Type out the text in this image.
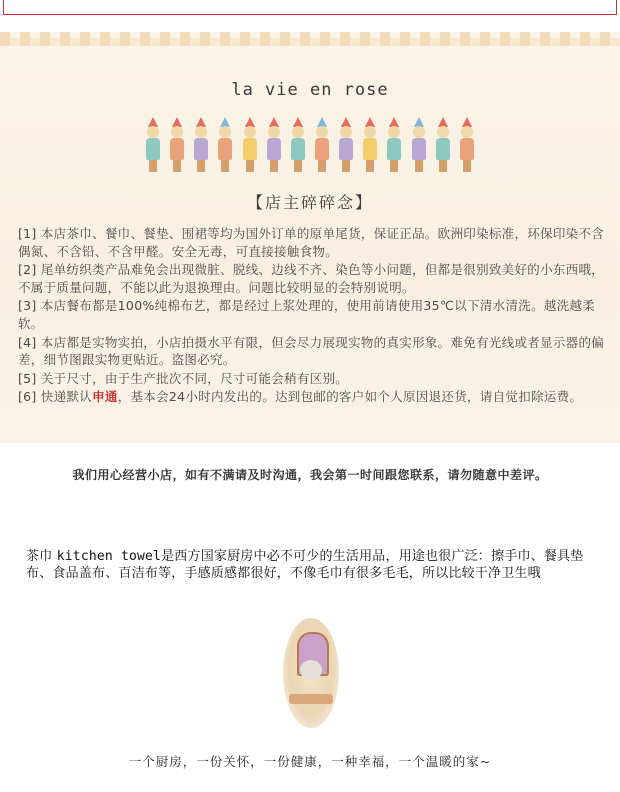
la vie en rose
【店主碎碎念】
[1] 本店茶巾、餐巾、餐垫、围裙等均为国外订单的原单尾货，保证正品。欧洲印染标准，环保印染不含偶氮、不含铅、不含甲醛。安全无毒，可直接接触食物。
[2] 尾单纺织类产品难免会出现微脏、脱线、边线不齐、染色等小问题，但都是很别致美好的小东西哦，不属于质量问题，不能以此为退换理由。问题比较明显的会特别说明。
[3] 本店餐布都是100%纯棉布艺，都是经过上浆处理的，使用前请使用35℃以下清水清洗。越洗越柔软。
[4] 本店都是实物实拍，小店拍摄水平有限，但会尽力展现实物的真实形象。难免有光线或者显示器的偏差，细节图跟实物更贴近。盗图必究。
[5] 关于尺寸，由于生产批次不同，尺寸可能会稍有区别。
[6] 快递默认申通，基本会24小时内发出的。达到包邮的客户如个人原因退还货，请自觉扣除运费。
我们用心经营小店，如有不满请及时沟通，我会第一时间跟您联系，请勿随意中差评。
茶巾 kitchen towel是西方国家厨房中必不可少的生活用品，用途也很广泛：擦手巾、餐具垫布、食品盖布、百洁布等，手感质感都很好，不像毛巾有很多毛毛，所以比较干净卫生哦
一个厨房，一份关怀，一份健康，一种幸福，一个温暖的家~
